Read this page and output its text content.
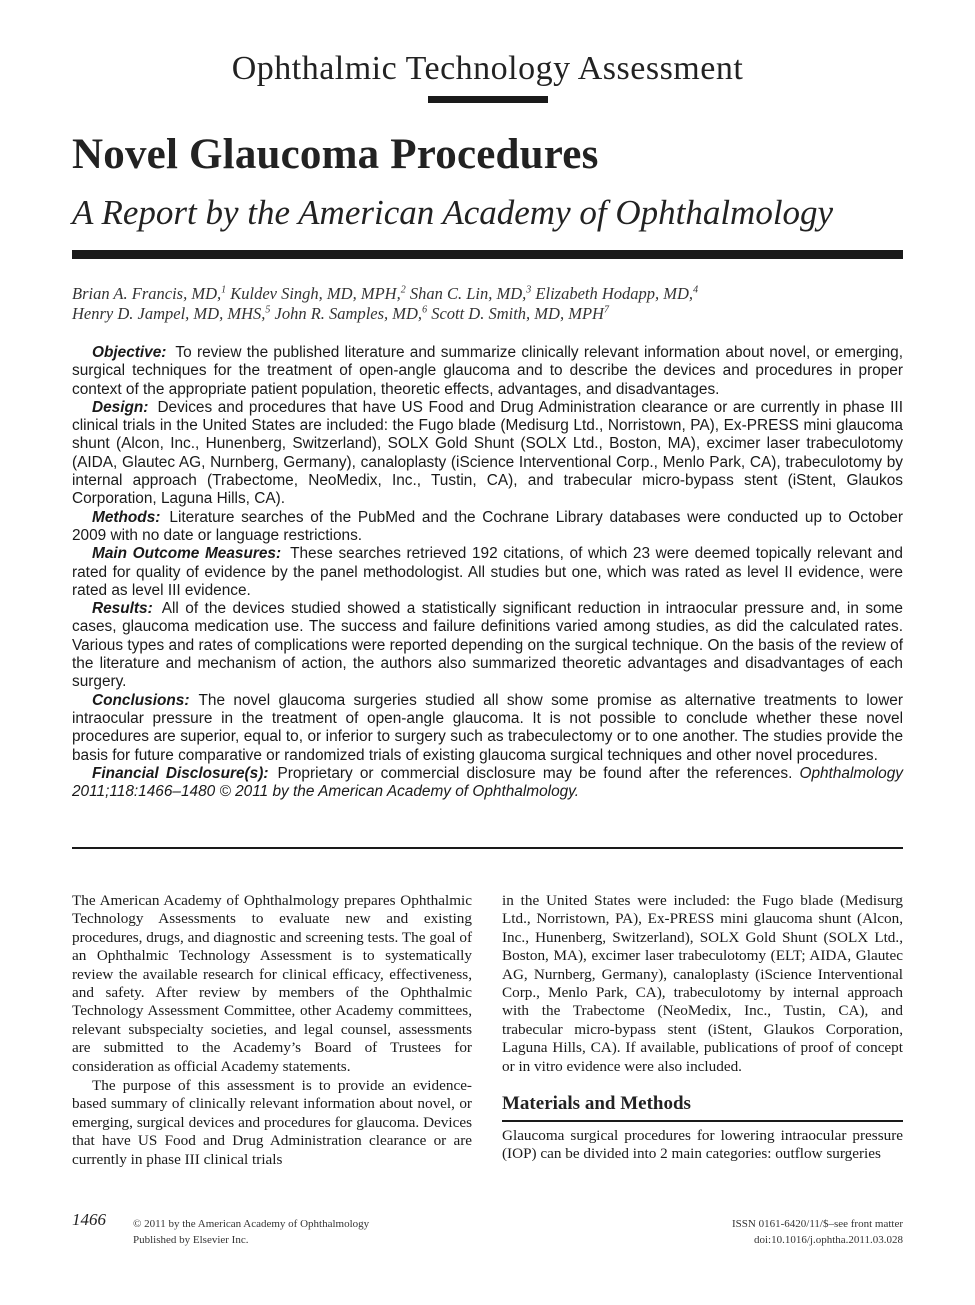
Ophthalmic Technology Assessment
Novel Glaucoma Procedures
A Report by the American Academy of Ophthalmology
Brian A. Francis, MD,$^1$ Kuldev Singh, MD, MPH,$^2$ Shan C. Lin, MD,$^3$ Elizabeth Hodapp, MD,$^4$
Henry D. Jampel, MD, MHS,$^5$ John R. Samples, MD,$^6$ Scott D. Smith, MD, MPH$^7$

Objective: To review the published literature and summarize clinically relevant information about novel, or emerging, surgical techniques for the treatment of open-angle glaucoma and to describe the devices and procedures in proper context of the appropriate patient population, theoretic effects, advantages, and disadvantages.

Design: Devices and procedures that have US Food and Drug Administration clearance or are currently in phase III clinical trials in the United States are included: the Fugo blade (Medisurg Ltd., Norristown, PA), Ex-PRESS mini glaucoma shunt (Alcon, Inc., Hunenberg, Switzerland), SOLX Gold Shunt (SOLX Ltd., Boston, MA), excimer laser trabeculotomy (AIDA, Glautec AG, Nurnberg, Germany), canaloplasty (iScience Interventional Corp., Menlo Park, CA), trabeculotomy by internal approach (Trabectome, NeoMedix, Inc., Tustin, CA), and trabecular micro-bypass stent (iStent, Glaukos Corporation, Laguna Hills, CA).

Methods: Literature searches of the PubMed and the Cochrane Library databases were conducted up to October 2009 with no date or language restrictions.

Main Outcome Measures: These searches retrieved 192 citations, of which 23 were deemed topically relevant and rated for quality of evidence by the panel methodologist. All studies but one, which was rated as level II evidence, were rated as level III evidence.

Results: All of the devices studied showed a statistically significant reduction in intraocular pressure and, in some cases, glaucoma medication use. The success and failure definitions varied among studies, as did the calculated rates. Various types and rates of complications were reported depending on the surgical technique. On the basis of the review of the literature and mechanism of action, the authors also summarized theoretic advantages and disadvantages of each surgery.

Conclusions: The novel glaucoma surgeries studied all show some promise as alternative treatments to lower intraocular pressure in the treatment of open-angle glaucoma. It is not possible to conclude whether these novel procedures are superior, equal to, or inferior to surgery such as trabeculectomy or to one another. The studies provide the basis for future comparative or randomized trials of existing glaucoma surgical techniques and other novel procedures.

Financial Disclosure(s): Proprietary or commercial disclosure may be found after the references. Ophthalmology 2011;118:1466–1480 © 2011 by the American Academy of Ophthalmology.

The American Academy of Ophthalmology prepares Ophthalmic Technology Assessments to evaluate new and existing procedures, drugs, and diagnostic and screening tests. The goal of an Ophthalmic Technology Assessment is to systematically review the available research for clinical efficacy, effectiveness, and safety. After review by members of the Ophthalmic Technology Assessment Committee, other Academy committees, relevant subspecialty societies, and legal counsel, assessments are submitted to the Academy’s Board of Trustees for consideration as official Academy statements.

The purpose of this assessment is to provide an evidence-based summary of clinically relevant information about novel, or emerging, surgical devices and procedures for glaucoma. Devices that have US Food and Drug Administration clearance or are currently in phase III clinical trials

in the United States were included: the Fugo blade (Medisurg Ltd., Norristown, PA), Ex-PRESS mini glaucoma shunt (Alcon, Inc., Hunenberg, Switzerland), SOLX Gold Shunt (SOLX Ltd., Boston, MA), excimer laser trabeculotomy (ELT; AIDA, Glautec AG, Nurnberg, Germany), canaloplasty (iScience Interventional Corp., Menlo Park, CA), trabeculotomy by internal approach with the Trabectome (NeoMedix, Inc., Tustin, CA), and trabecular micro-bypass stent (iStent, Glaukos Corporation, Laguna Hills, CA). If available, publications of proof of concept or in vitro evidence were also included.

Materials and Methods

Glaucoma surgical procedures for lowering intraocular pressure (IOP) can be divided into 2 main categories: outflow surgeries

1466 © 2011 by the American Academy of Ophthalmology
Published by Elsevier Inc.
ISSN 0161-6420/11/$–see front matter
doi:10.1016/j.ophtha.2011.03.028
